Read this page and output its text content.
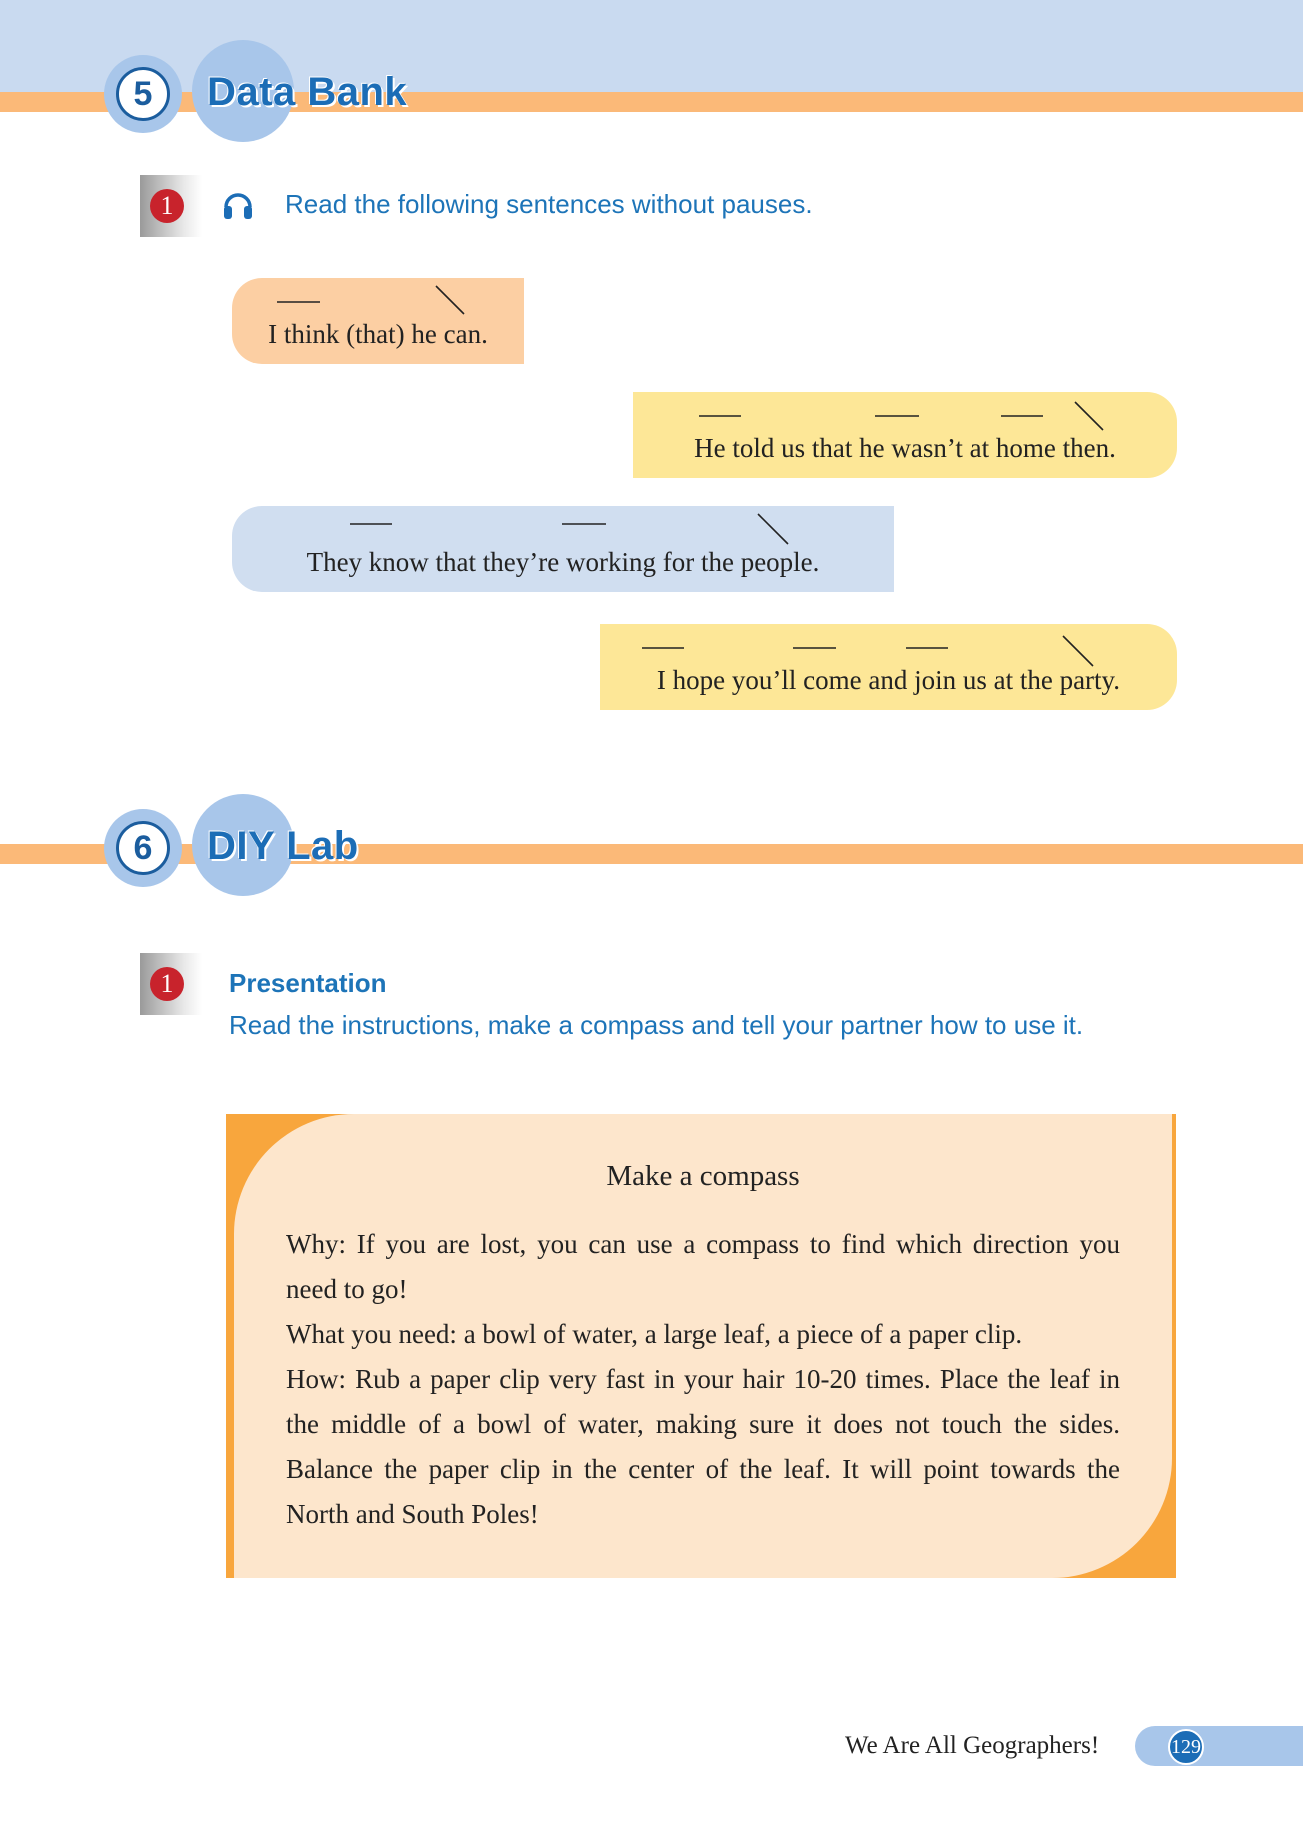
5	Data Bank
1	Read the following sentences without pauses.
I think (that) he can.
He told us that he wasn’t at home then.
They know that they’re working for the people.
I hope you’ll come and join us at the party.
6	DIY Lab
1	Presentation
Read the instructions, make a compass and tell your partner how to use it.
Make a compass

Why: If you are lost, you can use a compass to find which direction you need to go!

What you need: a bowl of water, a large leaf, a piece of a paper clip.

How: Rub a paper clip very fast in your hair 10-20 times. Place the leaf in the middle of a bowl of water, making sure it does not touch the sides. Balance the paper clip in the center of the leaf. It will point towards the North and South Poles!

We Are All Geographers!	129
